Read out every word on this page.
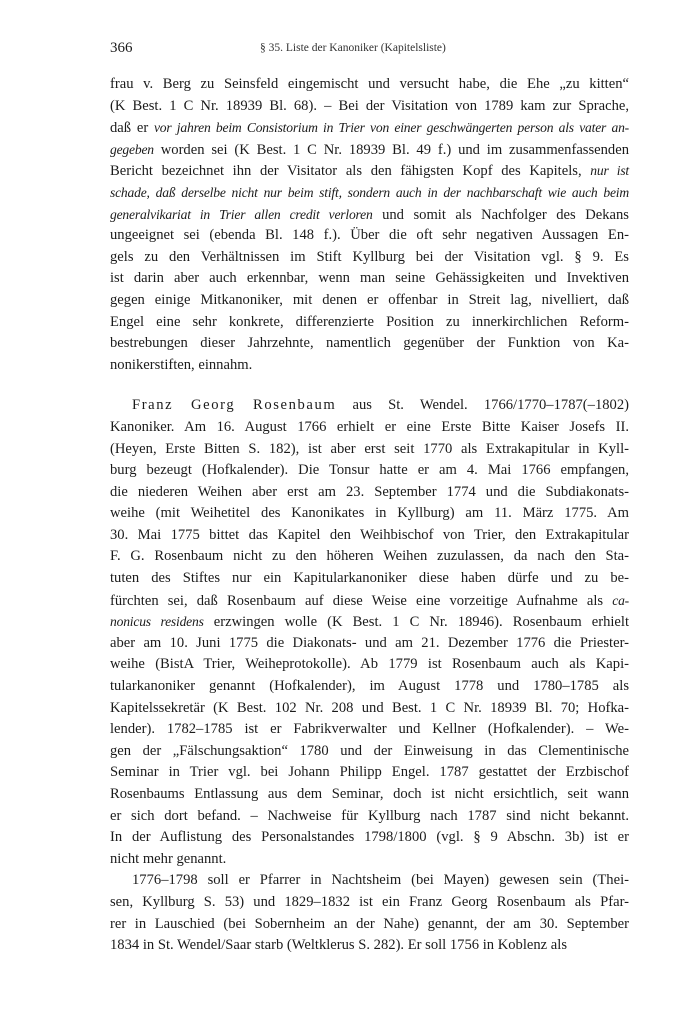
366	§ 35. Liste der Kanoniker (Kapitelsliste)
frau v. Berg zu Seinsfeld eingemischt und versucht habe, die Ehe „zu kitten“
(K Best. 1 C Nr. 18939 Bl. 68). – Bei der Visitation von 1789 kam zur Sprache,
daß er vor jahren beim Consistorium in Trier von einer geschwängerten person als vater an-
gegeben worden sei (K Best. 1 C Nr. 18939 Bl. 49 f.) und im zusammenfassenden
Bericht bezeichnet ihn der Visitator als den fähigsten Kopf des Kapitels, nur ist
schade, daß derselbe nicht nur beim stift, sondern auch in der nachbarschaft wie auch beim
generalvikariat in Trier allen credit verloren und somit als Nachfolger des Dekans
ungeeignet sei (ebenda Bl. 148 f.). Über die oft sehr negativen Aussagen En-
gels zu den Verhältnissen im Stift Kyllburg bei der Visitation vgl. § 9. Es
ist darin aber auch erkennbar, wenn man seine Gehässigkeiten und Invektiven
gegen einige Mitkanoniker, mit denen er offenbar in Streit lag, nivelliert, daß
Engel eine sehr konkrete, differenzierte Position zu innerkirchlichen Reform-
bestrebungen dieser Jahrzehnte, namentlich gegenüber der Funktion von Ka-
nonikerstiften, einnahm.
Franz Georg Rosenbaum aus St. Wendel. 1766/1770–1787(–1802)
Kanoniker. Am 16. August 1766 erhielt er eine Erste Bitte Kaiser Josefs II.
(Heyen, Erste Bitten S. 182), ist aber erst seit 1770 als Extrakapitular in Kyll-
burg bezeugt (Hofkalender). Die Tonsur hatte er am 4. Mai 1766 empfangen,
die niederen Weihen aber erst am 23. September 1774 und die Subdiakonats-
weihe (mit Weihetitel des Kanonikates in Kyllburg) am 11. März 1775. Am
30. Mai 1775 bittet das Kapitel den Weihbischof von Trier, den Extrakapitular
F. G. Rosenbaum nicht zu den höheren Weihen zuzulassen, da nach den Sta-
tuten des Stiftes nur ein Kapitularkanoniker diese haben dürfe und zu be-
fürchten sei, daß Rosenbaum auf diese Weise eine vorzeitige Aufnahme als ca-
nonicus residens erzwingen wolle (K Best. 1 C Nr. 18946). Rosenbaum erhielt
aber am 10. Juni 1775 die Diakonats- und am 21. Dezember 1776 die Priester-
weihe (BistA Trier, Weiheprotokolle). Ab 1779 ist Rosenbaum auch als Kapi-
tularkanoniker genannt (Hofkalender), im August 1778 und 1780–1785 als
Kapitelssekretär (K Best. 102 Nr. 208 und Best. 1 C Nr. 18939 Bl. 70; Hofka-
lender). 1782–1785 ist er Fabrikverwalter und Kellner (Hofkalender). – We-
gen der „Fälschungsaktion“ 1780 und der Einweisung in das Clementinische
Seminar in Trier vgl. bei Johann Philipp Engel. 1787 gestattet der Erzbischof
Rosenbaums Entlassung aus dem Seminar, doch ist nicht ersichtlich, seit wann
er sich dort befand. – Nachweise für Kyllburg nach 1787 sind nicht bekannt.
In der Auflistung des Personalstandes 1798/1800 (vgl. § 9 Abschn. 3b) ist er
nicht mehr genannt.
1776–1798 soll er Pfarrer in Nachtsheim (bei Mayen) gewesen sein (Thei-
sen, Kyllburg S. 53) und 1829–1832 ist ein Franz Georg Rosenbaum als Pfar-
rer in Lauschied (bei Sobernheim an der Nahe) genannt, der am 30. September
1834 in St. Wendel/Saar starb (Weltklerus S. 282). Er soll 1756 in Koblenz als
